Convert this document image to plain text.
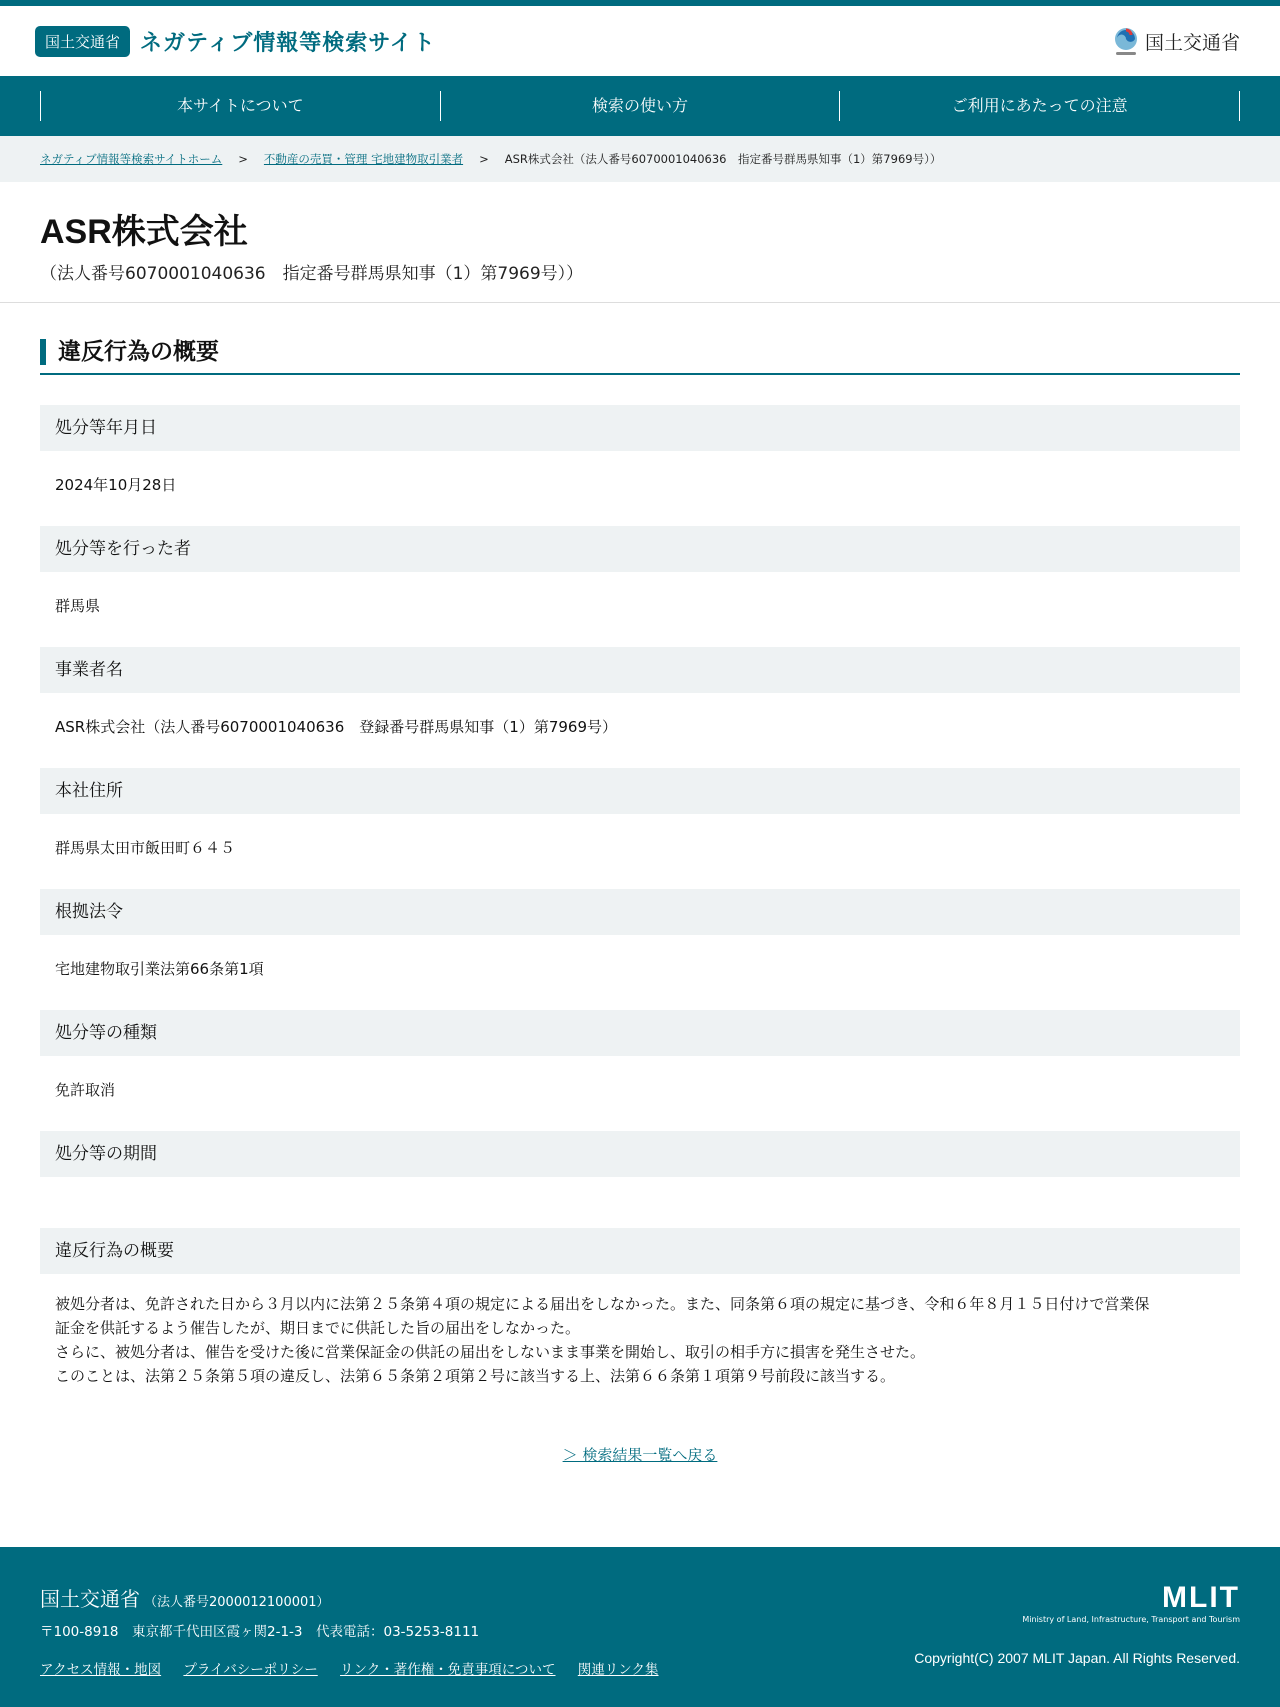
国土交通省 ネガティブ情報等検索サイト	国土交通省
本サイトについて	検索の使い方	ご利用にあたっての注意
ネガティブ情報等検索サイトホーム > 不動産の売買・管理 宅地建物取引業者 > ASR株式会社（法人番号6070001040636　指定番号群馬県知事（1）第7969号））
ASR株式会社
（法人番号6070001040636　指定番号群馬県知事（1）第7969号））
違反行為の概要
処分等年月日
2024年10月28日
処分等を行った者
群馬県
事業者名
ASR株式会社（法人番号6070001040636　登録番号群馬県知事（1）第7969号）
本社住所
群馬県太田市飯田町６４５
根拠法令
宅地建物取引業法第66条第1項
処分等の種類
免許取消
処分等の期間
違反行為の概要
被処分者は、免許された日から３月以内に法第２５条第４項の規定による届出をしなかった。また、同条第６項の規定に基づき、令和６年８月１５日付けで営業保
証金を供託するよう催告したが、期日までに供託した旨の届出をしなかった。
さらに、被処分者は、催告を受けた後に営業保証金の供託の届出をしないまま事業を開始し、取引の相手方に損害を発生させた。
このことは、法第２５条第５項の違反し、法第６５条第２項第２号に該当する上、法第６６条第１項第９号前段に該当する。
＞ 検索結果一覧へ戻る
国土交通省 （法人番号2000012100001）
〒100-8918　東京都千代田区霞ヶ関2-1-3　代表電話：03-5253-8111
アクセス情報・地図 プライバシーポリシー リンク・著作権・免責事項について 関連リンク集
MLIT
Ministry of Land, Infrastructure, Transport and Tourism
Copyright(C) 2007 MLIT Japan. All Rights Reserved.
